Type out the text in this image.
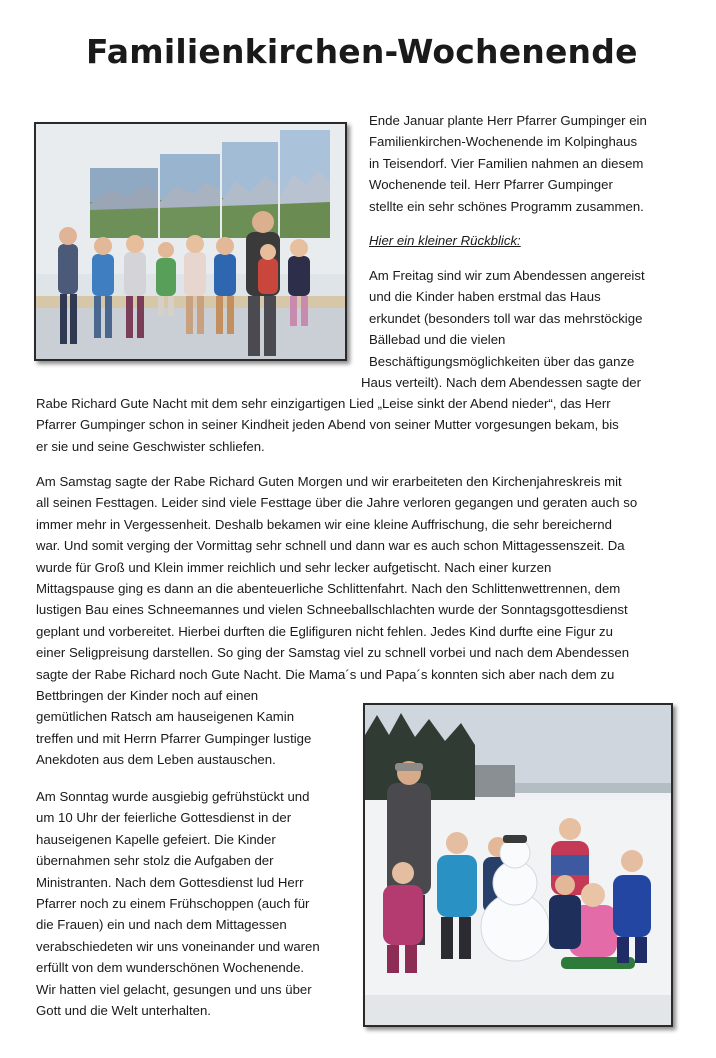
Familienkirchen-Wochenende
Ende Januar plante Herr Pfarrer Gumpinger ein
Familienkirchen-Wochenende im Kolpinghaus
in Teisendorf. Vier Familien nahmen an diesem
Wochenende teil. Herr Pfarrer Gumpinger
stellte ein sehr schönes Programm zusammen.
Hier ein kleiner Rückblick:
Am Freitag sind wir zum Abendessen angereist
und die Kinder haben erstmal das Haus
erkundet (besonders toll war das mehrstöckige
Bällebad und die vielen
Beschäftigungsmöglichkeiten über das ganze
Haus verteilt). Nach dem Abendessen sagte der
Rabe Richard Gute Nacht mit dem sehr einzigartigen Lied „Leise sinkt der Abend nieder“, das Herr
Pfarrer Gumpinger schon in seiner Kindheit jeden Abend von seiner Mutter vorgesungen bekam, bis
er sie und seine Geschwister schliefen.
Am Samstag sagte der Rabe Richard Guten Morgen und wir erarbeiteten den Kirchenjahreskreis mit
all seinen Festtagen. Leider sind viele Festtage über die Jahre verloren gegangen und geraten auch so
immer mehr in Vergessenheit. Deshalb bekamen wir eine kleine Auffrischung, die sehr bereichernd
war. Und somit verging der Vormittag sehr schnell und dann war es auch schon Mittagessenszeit. Da
wurde für Groß und Klein immer reichlich und sehr lecker aufgetischt. Nach einer kurzen
Mittagspause ging es dann an die abenteuerliche Schlittenfahrt. Nach den Schlittenwettrennen, dem
lustigen Bau eines Schneemannes und vielen Schneeballschlachten wurde der Sonntagsgottesdienst
geplant und vorbereitet. Hierbei durften die Eglifiguren nicht fehlen. Jedes Kind durfte eine Figur zu
einer Seligpreisung darstellen. So ging der Samstag viel zu schnell vorbei und nach dem Abendessen
sagte der Rabe Richard noch Gute Nacht. Die Mama´s und Papa´s konnten sich aber nach dem zu
Bettbringen der Kinder noch auf einen
gemütlichen Ratsch am hauseigenen Kamin
treffen und mit Herrn Pfarrer Gumpinger lustige
Anekdoten aus dem Leben austauschen.
Am Sonntag wurde ausgiebig gefrühstückt und
um 10 Uhr der feierliche Gottesdienst in der
hauseigenen Kapelle gefeiert. Die Kinder
übernahmen sehr stolz die Aufgaben der
Ministranten. Nach dem Gottesdienst lud Herr
Pfarrer noch zu einem Frühschoppen (auch für
die Frauen) ein und nach dem Mittagessen
verabschiedeten wir uns voneinander und waren
erfüllt von dem wunderschönen Wochenende.
Wir hatten viel gelacht, gesungen und uns über
Gott und die Welt unterhalten.
